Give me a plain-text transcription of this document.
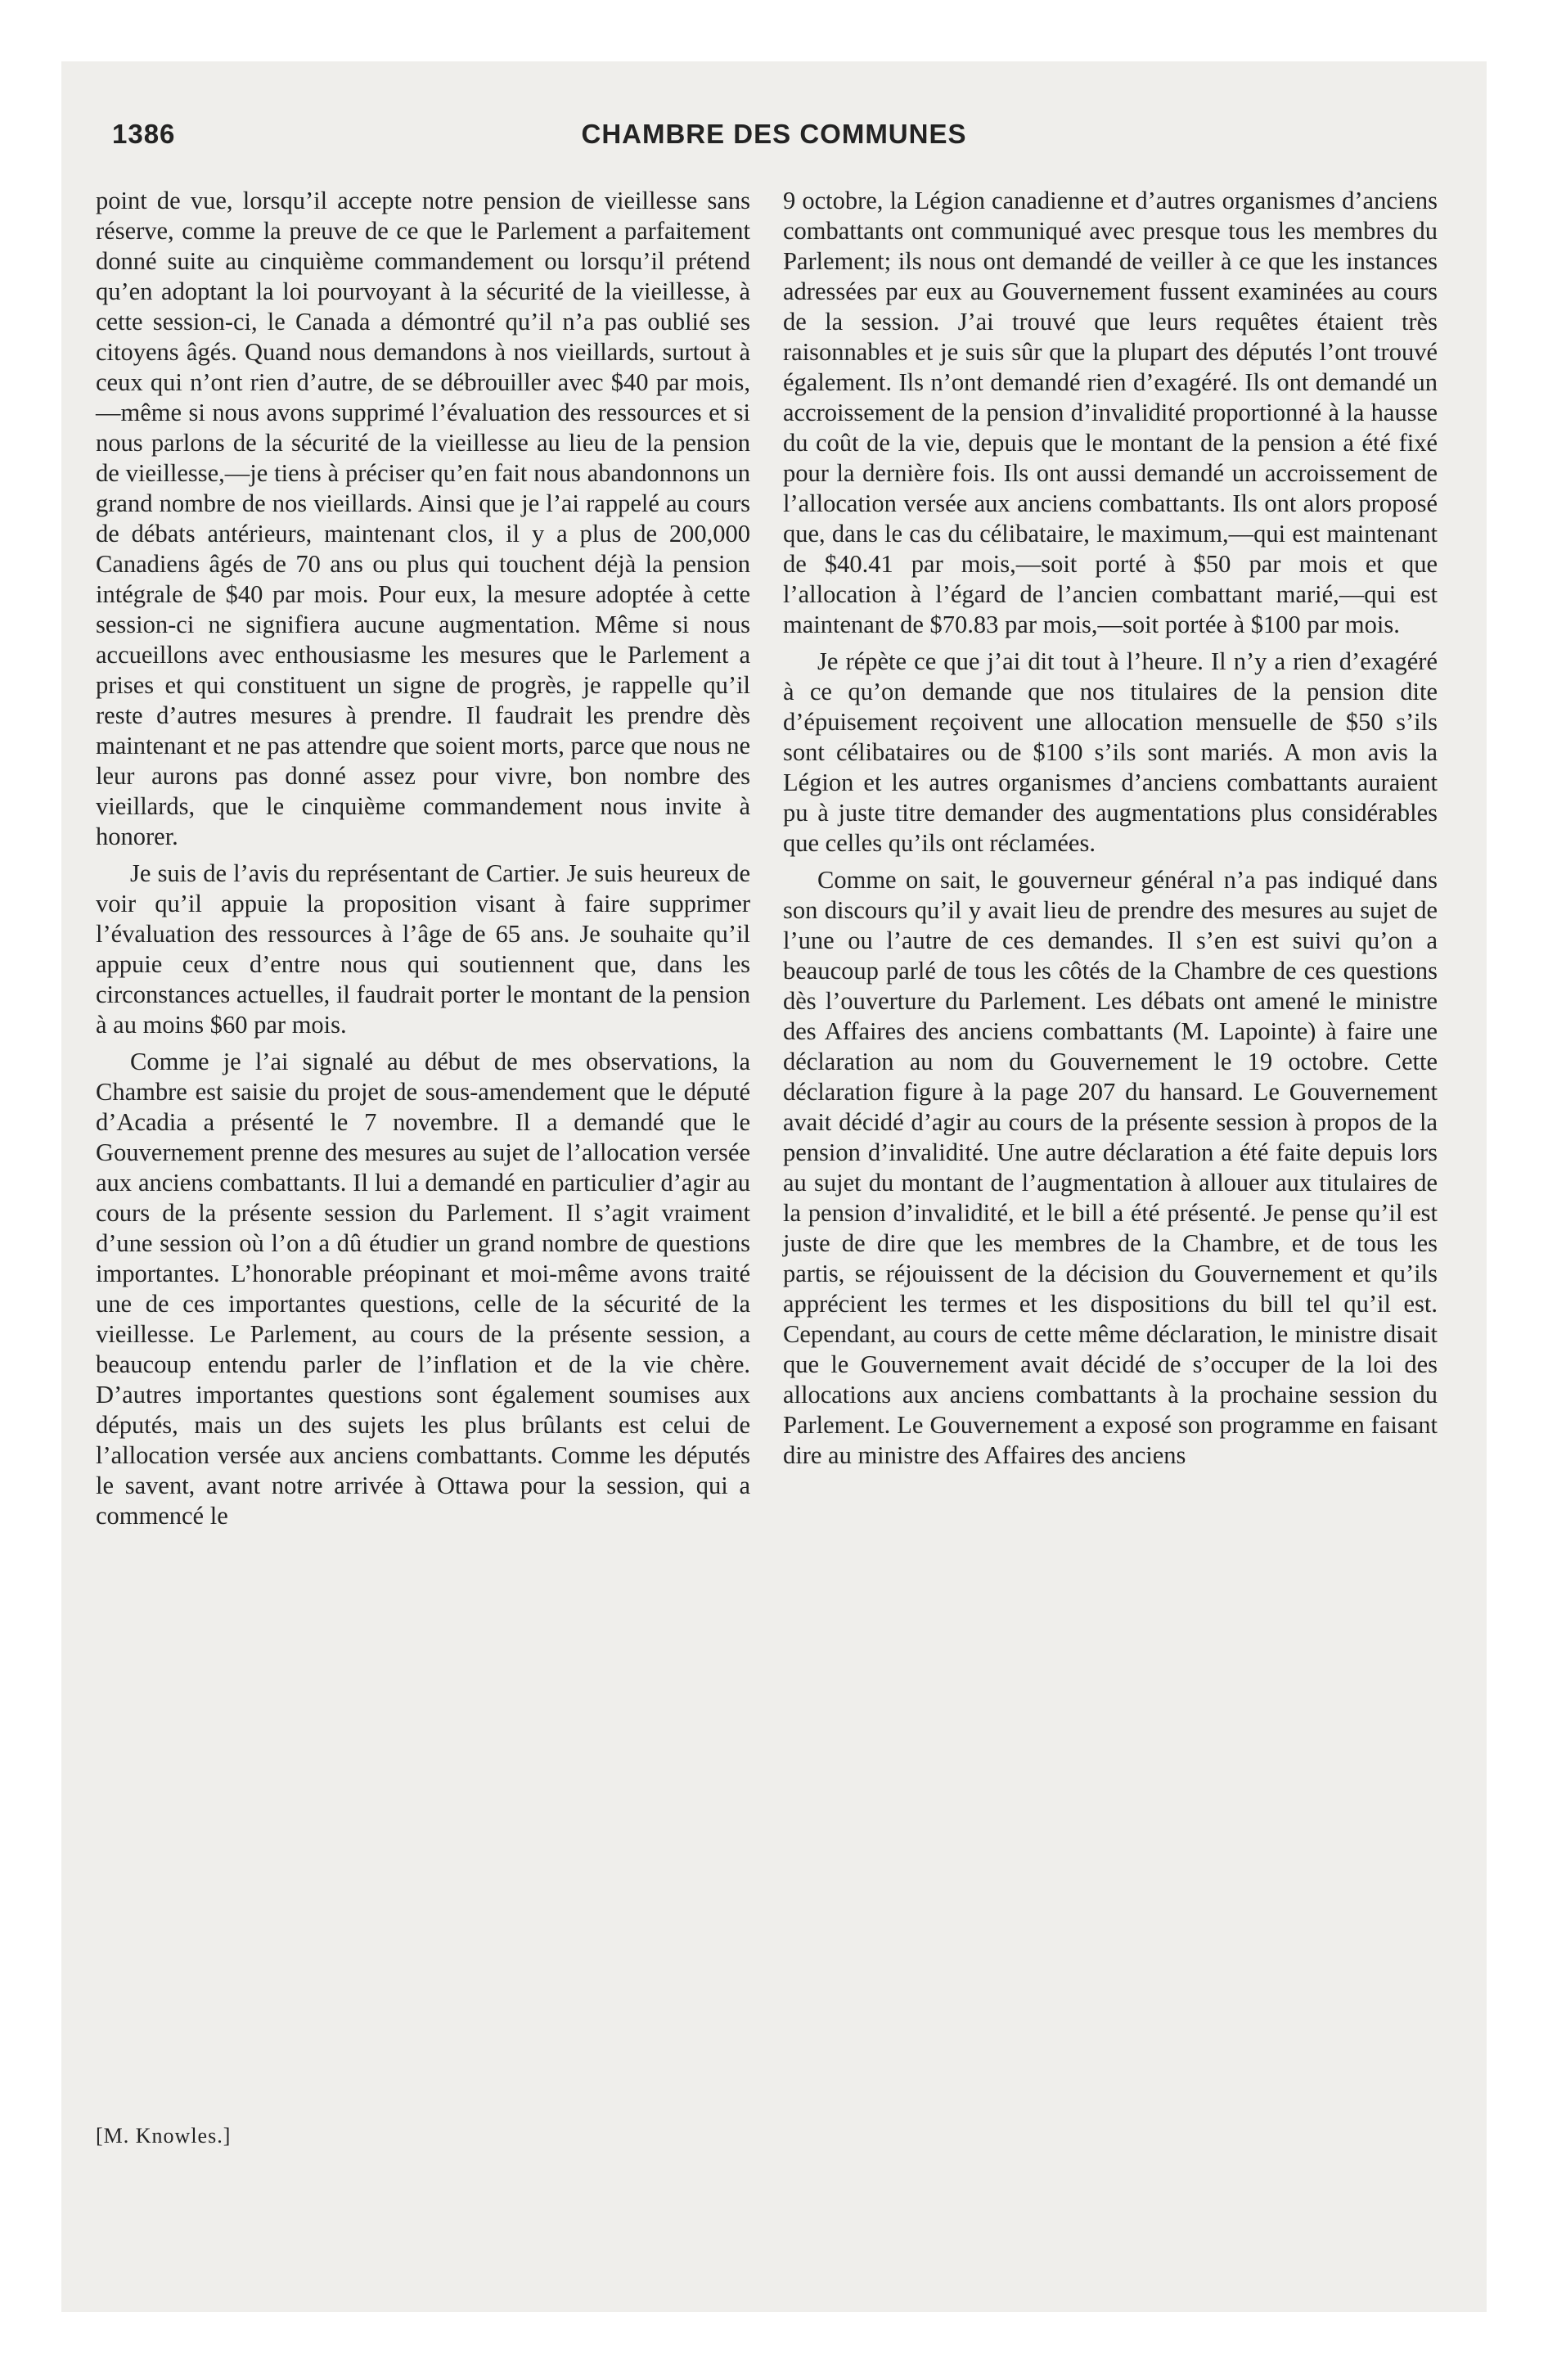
1386	CHAMBRE DES COMMUNES

point de vue, lorsqu’il accepte notre pension de vieillesse sans réserve, comme la preuve de ce que le Parlement a parfaitement donné suite au cinquième commandement ou lorsqu’il prétend qu’en adoptant la loi pourvoyant à la sécurité de la vieillesse, à cette session-ci, le Canada a démontré qu’il n’a pas oublié ses citoyens âgés. Quand nous demandons à nos vieillards, surtout à ceux qui n’ont rien d’autre, de se débrouiller avec $40 par mois,—même si nous avons supprimé l’évaluation des ressources et si nous parlons de la sécurité de la vieillesse au lieu de la pension de vieillesse,—je tiens à préciser qu’en fait nous abandonnons un grand nombre de nos vieillards. Ainsi que je l’ai rappelé au cours de débats antérieurs, maintenant clos, il y a plus de 200,000 Canadiens âgés de 70 ans ou plus qui touchent déjà la pension intégrale de $40 par mois. Pour eux, la mesure adoptée à cette session-ci ne signifiera aucune augmentation. Même si nous accueillons avec enthousiasme les mesures que le Parlement a prises et qui constituent un signe de progrès, je rappelle qu’il reste d’autres mesures à prendre. Il faudrait les prendre dès maintenant et ne pas attendre que soient morts, parce que nous ne leur aurons pas donné assez pour vivre, bon nombre des vieillards, que le cinquième commandement nous invite à honorer.

Je suis de l’avis du représentant de Cartier. Je suis heureux de voir qu’il appuie la proposition visant à faire supprimer l’évaluation des ressources à l’âge de 65 ans. Je souhaite qu’il appuie ceux d’entre nous qui soutiennent que, dans les circonstances actuelles, il faudrait porter le montant de la pension à au moins $60 par mois.

Comme je l’ai signalé au début de mes observations, la Chambre est saisie du projet de sous-amendement que le député d’Acadia a présenté le 7 novembre. Il a demandé que le Gouvernement prenne des mesures au sujet de l’allocation versée aux anciens combattants. Il lui a demandé en particulier d’agir au cours de la présente session du Parlement. Il s’agit vraiment d’une session où l’on a dû étudier un grand nombre de questions importantes. L’honorable préopinant et moi-même avons traité une de ces importantes questions, celle de la sécurité de la vieillesse. Le Parlement, au cours de la présente session, a beaucoup entendu parler de l’inflation et de la vie chère. D’autres importantes questions sont également soumises aux députés, mais un des sujets les plus brûlants est celui de l’allocation versée aux anciens combattants. Comme les députés le savent, avant notre arrivée à Ottawa pour la session, qui a commencé le

[M. Knowles.]

9 octobre, la Légion canadienne et d’autres organismes d’anciens combattants ont communiqué avec presque tous les membres du Parlement; ils nous ont demandé de veiller à ce que les instances adressées par eux au Gouvernement fussent examinées au cours de la session. J’ai trouvé que leurs requêtes étaient très raisonnables et je suis sûr que la plupart des députés l’ont trouvé également. Ils n’ont demandé rien d’exagéré. Ils ont demandé un accroissement de la pension d’invalidité proportionné à la hausse du coût de la vie, depuis que le montant de la pension a été fixé pour la dernière fois. Ils ont aussi demandé un accroissement de l’allocation versée aux anciens combattants. Ils ont alors proposé que, dans le cas du célibataire, le maximum,—qui est maintenant de $40.41 par mois,—soit porté à $50 par mois et que l’allocation à l’égard de l’ancien combattant marié,—qui est maintenant de $70.83 par mois,—soit portée à $100 par mois.

Je répète ce que j’ai dit tout à l’heure. Il n’y a rien d’exagéré à ce qu’on demande que nos titulaires de la pension dite d’épuisement reçoivent une allocation mensuelle de $50 s’ils sont célibataires ou de $100 s’ils sont mariés. A mon avis la Légion et les autres organismes d’anciens combattants auraient pu à juste titre demander des augmentations plus considérables que celles qu’ils ont réclamées.

Comme on sait, le gouverneur général n’a pas indiqué dans son discours qu’il y avait lieu de prendre des mesures au sujet de l’une ou l’autre de ces demandes. Il s’en est suivi qu’on a beaucoup parlé de tous les côtés de la Chambre de ces questions dès l’ouverture du Parlement. Les débats ont amené le ministre des Affaires des anciens combattants (M. Lapointe) à faire une déclaration au nom du Gouvernement le 19 octobre. Cette déclaration figure à la page 207 du hansard. Le Gouvernement avait décidé d’agir au cours de la présente session à propos de la pension d’invalidité. Une autre déclaration a été faite depuis lors au sujet du montant de l’augmentation à allouer aux titulaires de la pension d’invalidité, et le bill a été présenté. Je pense qu’il est juste de dire que les membres de la Chambre, et de tous les partis, se réjouissent de la décision du Gouvernement et qu’ils apprécient les termes et les dispositions du bill tel qu’il est. Cependant, au cours de cette même déclaration, le ministre disait que le Gouvernement avait décidé de s’occuper de la loi des allocations aux anciens combattants à la prochaine session du Parlement. Le Gouvernement a exposé son programme en faisant dire au ministre des Affaires des anciens
